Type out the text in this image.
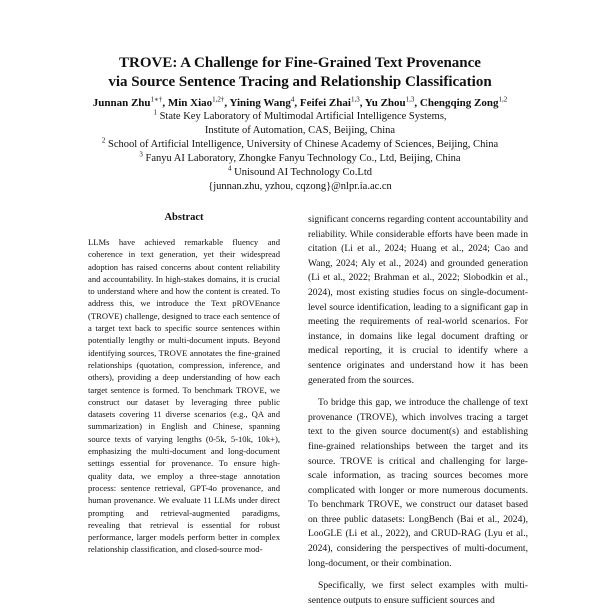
TROVE: A Challenge for Fine-Grained Text Provenance
via Source Sentence Tracing and Relationship Classification
Junnan Zhu$^{1∗\dagger}$, Min Xiao$^{1,2\dagger}$, Yining Wang$^4$, Feifei Zhai$^{1,3}$, Yu Zhou$^{1,3}$, Chengqing Zong$^{1,2}$
$^1$ State Key Laboratory of Multimodal Artificial Intelligence Systems,
Institute of Automation, CAS, Beijing, China
$^2$ School of Artificial Intelligence, University of Chinese Academy of Sciences, Beijing, China
$^3$ Fanyu AI Laboratory, Zhongke Fanyu Technology Co., Ltd, Beijing, China
$^4$ Unisound AI Technology Co.Ltd
{junnan.zhu, yzhou, cqzong}@nlpr.ia.ac.cn
Abstract
LLMs have achieved remarkable fluency and coherence in text generation, yet their widespread adoption has raised concerns about content reliability and accountability. In high-stakes domains, it is crucial to understand where and how the content is created. To address this, we introduce the Text pROVEnance (TROVE) challenge, designed to trace each sentence of a target text back to specific source sentences within potentially lengthy or multi-document inputs. Beyond identifying sources, TROVE annotates the fine-grained relationships (quotation, compression, inference, and others), providing a deep understanding of how each target sentence is formed. To benchmark TROVE, we construct our dataset by leveraging three public datasets covering 11 diverse scenarios (e.g., QA and summarization) in English and Chinese, spanning source texts of varying lengths (0-5k, 5-10k, 10k+), emphasizing the multi-document and long-document settings essential for provenance. To ensure high-quality data, we employ a three-stage annotation process: sentence retrieval, GPT-4o provenance, and human provenance. We evaluate 11 LLMs under direct prompting and retrieval-augmented paradigms, revealing that retrieval is essential for robust performance, larger models perform better in complex relationship classification, and closed-source mod-

significant concerns regarding content accountability and reliability. While considerable efforts have been made in citation (Li et al., 2024; Huang et al., 2024; Cao and Wang, 2024; Aly et al., 2024) and grounded generation (Li et al., 2022; Brahman et al., 2022; Slobodkin et al., 2024), most existing studies focus on single-document-level source identification, leading to a significant gap in meeting the requirements of real-world scenarios. For instance, in domains like legal document drafting or medical reporting, it is crucial to identify where a sentence originates and understand how it has been generated from the sources.

To bridge this gap, we introduce the challenge of text provenance (TROVE), which involves tracing a target text to the given source document(s) and establishing fine-grained relationships between the target and its source. TROVE is critical and challenging for large-scale information, as tracing sources becomes more complicated with longer or more numerous documents. To benchmark TROVE, we construct our dataset based on three public datasets: LongBench (Bai et al., 2024), LooGLE (Li et al., 2022), and CRUD-RAG (Lyu et al., 2024), considering the perspectives of multi-document, long-document, or their combination.

Specifically, we first select examples with multi-sentence outputs to ensure sufficient sources and
